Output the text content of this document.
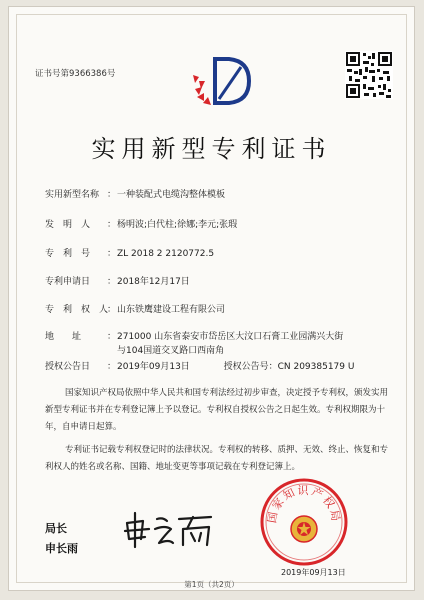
证书号第9366386号
实用新型专利证书
实用新型名称 ：一种装配式电缆沟整体模板
发　明　人 ：杨明波;白代柱;徐娜;李元;张瑕
专　利　号 ：ZL 2018 2 2120772.5
专利申请日 ：2018年12月17日
专　利　权　人：山东铁鹰建设工程有限公司
地　　址	：271000 山东省泰安市岱岳区大汶口石膏工业园满兴大街
与104国道交叉路口西南角
授权公告日 ：2019年09月13日	授权公告号：CN 209385179 U
国家知识产权局依照中华人民共和国专利法经过初步审查，决定授予专利权，颁发实用新型专利证书并在专利登记簿上予以登记。专利权自授权公告之日起生效。专利权期限为十年，自申请日起算。
专利证书记载专利权登记时的法律状况。专利权的转移、质押、无效、终止、恢复和专利权人的姓名或名称、国籍、地址变更等事项记载在专利登记簿上。
局长
申长雨
国家知识产权局
2019年09月13日
第1页（共2页）
